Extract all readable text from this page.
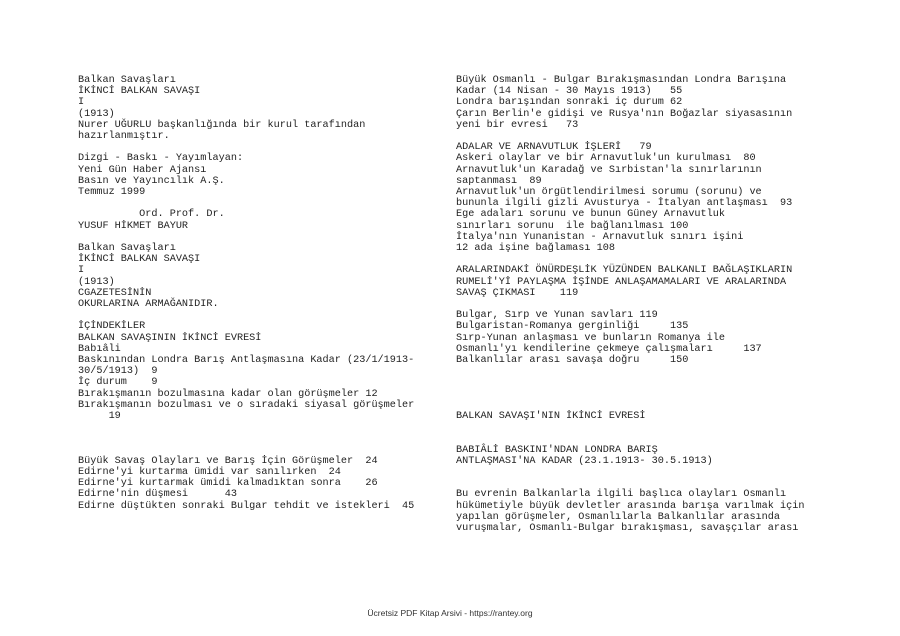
Balkan Savaşları
İKİNCİ BALKAN SAVAŞI
I
(1913)
Nurer UĞURLU başkanlığında bir kurul tarafından
hazırlanmıştır.
Dizgi - Baskı - Yayımlayan:
Yeni Gün Haber Ajansı
Basın ve Yayıncılık A.Ş.
Temmuz 1999
Ord. Prof. Dr.
YUSUF HİKMET BAYUR
Balkan Savaşları
İKİNCİ BALKAN SAVAŞI
I
(1913)
CGAZETESİNİN
OKURLARINA ARMAĞANIDIR.
İÇİNDEKİLER
BALKAN SAVAŞININ İKİNCİ EVRESİ
Babıâli
Baskınından Londra Barış Antlaşmasına Kadar (23/1/1913-
30/5/1913)  9
İç durum    9
Bırakışmanın bozulmasına kadar olan görüşmeler 12
Bırakışmanın bozulması ve o sıradaki siyasal görüşmeler
19
Büyük Savaş Olayları ve Barış İçin Görüşmeler  24
Edirne'yi kurtarma ümidi var sanılırken  24
Edirne'yi kurtarmak ümidi kalmadıktan sonra    26
Edirne'nin düşmesi      43
Edirne düştükten sonraki Bulgar tehdit ve istekleri  45
Büyük Osmanlı - Bulgar Bırakışmasından Londra Barışına
Kadar (14 Nisan - 30 Mayıs 1913)   55
Londra barışından sonraki iç durum 62
Çarın Berlin'e gidişi ve Rusya'nın Boğazlar siyasasının
yeni bir evresi   73
ADALAR VE ARNAVUTLUK İŞLERİ   79
Askeri olaylar ve bir Arnavutluk'un kurulması  80
Arnavutluk'un Karadağ ve Sırbistan'la sınırlarının
saptanması  89
Arnavutluk'un örgütlendirilmesi sorumu (sorunu) ve
bununla ilgili gizli Avusturya - İtalyan antlaşması  93
Ege adaları sorunu ve bunun Güney Arnavutluk
sınırları sorunu  ile bağlanılması 100
İtalya'nın Yunanistan - Arnavutluk sınırı işini
12 ada işine bağlaması 108
ARALARINDAKİ ÖNÜRDEŞLİK YÜZÜNDEN BALKANLI BAĞLAŞIKLARIN
RUMELİ'Yİ PAYLAŞMA İŞİNDE ANLAŞAMAMALARI VE ARALARINDA
SAVAŞ ÇIKMASI    119
Bulgar, Sırp ve Yunan savları 119
Bulgaristan-Romanya gerginliği     135
Sırp-Yunan anlaşması ve bunların Romanya ile
Osmanlı'yı kendilerine çekmeye çalışmaları     137
Balkanlılar arası savaşa doğru     150
BALKAN SAVAŞI'NIN İKİNCİ EVRESİ
BABIÂLİ BASKINI'NDAN LONDRA BARIŞ
ANTLAŞMASI'NA KADAR (23.1.1913- 30.5.1913)
Bu evrenin Balkanlarla ilgili başlıca olayları Osmanlı
hükümetiyle büyük devletler arasında barışa varılmak için
yapılan görüşmeler, Osmanlılarla Balkanlılar arasında
vuruşmalar, Osmanlı-Bulgar bırakışması, savaşçılar arası
Ücretsiz PDF Kitap Arsivi - https://rantey.org
